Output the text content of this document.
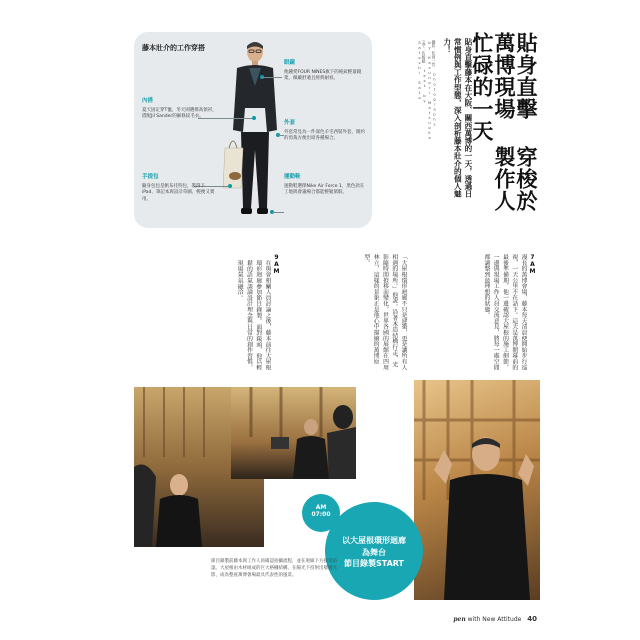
藤本壯介的工作穿搭
眼鏡
他鍾愛FOUR NINES旗下的純鈦輕量鏡架，佩戴舒適且經典耐看。
內搭
夏天固定穿T恤，冬天則選擇高領衫，搭配Jil Sander的細條紋毛衣。
外套
外套常見為一件深色羊毛西裝外套，簡約的剪裁方便出席各種場合。
手提包
隨身包包是帆布托特包，裝得下iPad、筆記本與設計草圖，輕便又實用。
運動鞋
運動鞋選擇Nike Air Force 1，黑色款在工地與會議場合都能輕鬆駕馭。	貼身直擊 穿梭於萬博現場 製作人忙碌的一天
貼身直擊藤本在大阪、關西萬博的一天，透過日常慣例與工作型態，深入剖析藤本壯介的個人魅力！
攝影：松岡一哲 photographs by Kazunori Matsuoka 文字：佐藤聰 text by Satoshi Sato
7AM
漫長的萬博會場，藤本每天清晨便開始步行巡視，一天公里不在話下。這天是萬博開幕前的最後準備期，他一邊確認大屋根的施工細節，一邊與現場工作人員交流意見，將每一處空間都調整到最理想的狀態。
「大屋根環形迴廊不只是建築，更是讓所有人相遇的場所。」他說。沿著木造結構行走，光影隨時間推移而變化，世界各國的展館在四周林立，這樣的景象正是他心中描繪的萬博原型。
9AM
在與會相關人員討論之後，藤本前往大屋根環形迴廊參加節目錄製。面對鏡頭，他以輕鬆的語氣談論設計理念與日常的創作習慣，現場氣氛融洽。
AM
07:00
以大屋根環形迴廊
為舞台
節目錄製START
節目錄製前藤本與工作人員確認拍攝流程，並在迴廊下方接受訪談。大屋根由木材組成的巨大格柵結構，在陽光下投射出層層光影，成為整座萬博會場最具代表性的風景。
pen with New Attitude 40
